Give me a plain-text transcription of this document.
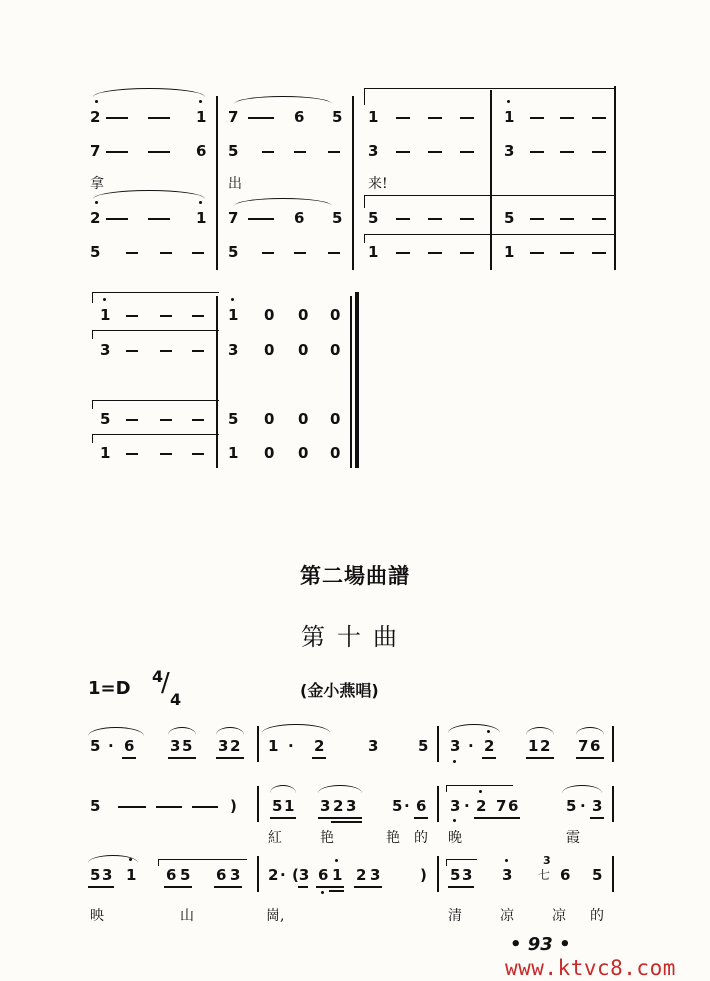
2	1 7	6 5 1	1
7	6 5	3	3
拿	出	来!
2	1 7	6 5 5	5
5	5	1	1
1	1 0 0 0
3	3 0 0 0
5	5 0 0 0
1	1 0 0 0
第二場曲譜
第十曲
1=D
4
/
4	(金小燕唱)
5 · 6 3 5 3 2 1 · 2	3	5 3 · 2 1 2 7 6
5	) 5 1 3 2 3 5 · 6 3 · 2 7 6	5 · 3
紅	艳	艳 的 晚	霞
5 3 1 6 5 6 3 2 · (3 6 1 2 3	) 5 3 3
3
七 6 5
映	山	崗,	清	凉	凉 的
• 93 •
www.ktvc8.com
